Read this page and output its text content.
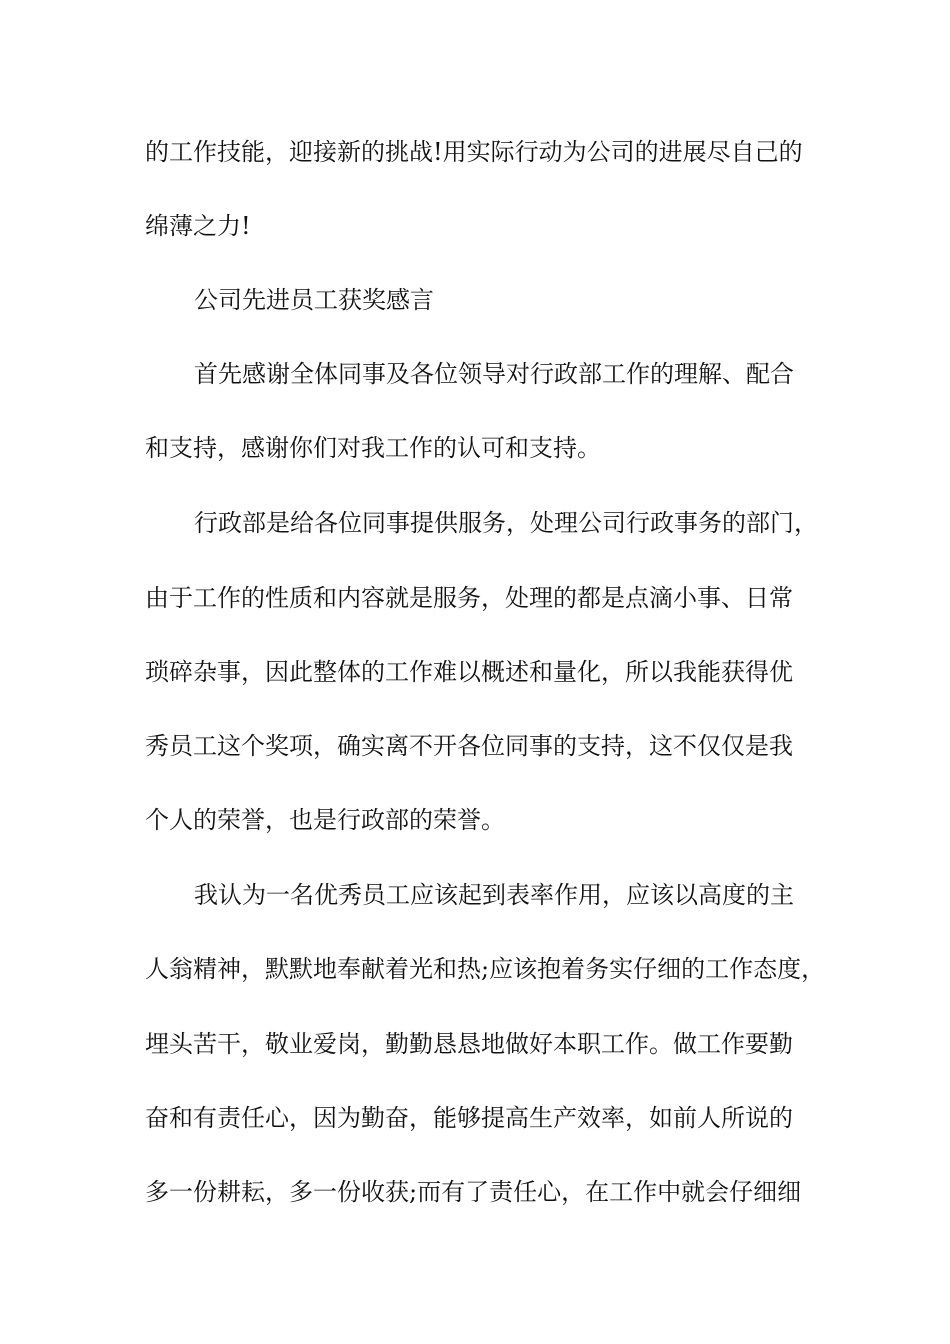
的工作技能，迎接新的挑战!用实际行动为公司的进展尽自己的
绵薄之力!
公司先进员工获奖感言
首先感谢全体同事及各位领导对行政部工作的理解、配合
和支持，感谢你们对我工作的认可和支持。
行政部是给各位同事提供服务，处理公司行政事务的部门，
由于工作的性质和内容就是服务，处理的都是点滴小事、日常
琐碎杂事，因此整体的工作难以概述和量化，所以我能获得优
秀员工这个奖项，确实离不开各位同事的支持，这不仅仅是我
个人的荣誉，也是行政部的荣誉。
我认为一名优秀员工应该起到表率作用，应该以高度的主
人翁精神，默默地奉献着光和热;应该抱着务实仔细的工作态度，
埋头苦干，敬业爱岗，勤勤恳恳地做好本职工作。做工作要勤
奋和有责任心，因为勤奋，能够提高生产效率，如前人所说的
多一份耕耘，多一份收获;而有了责任心，在工作中就会仔细细
